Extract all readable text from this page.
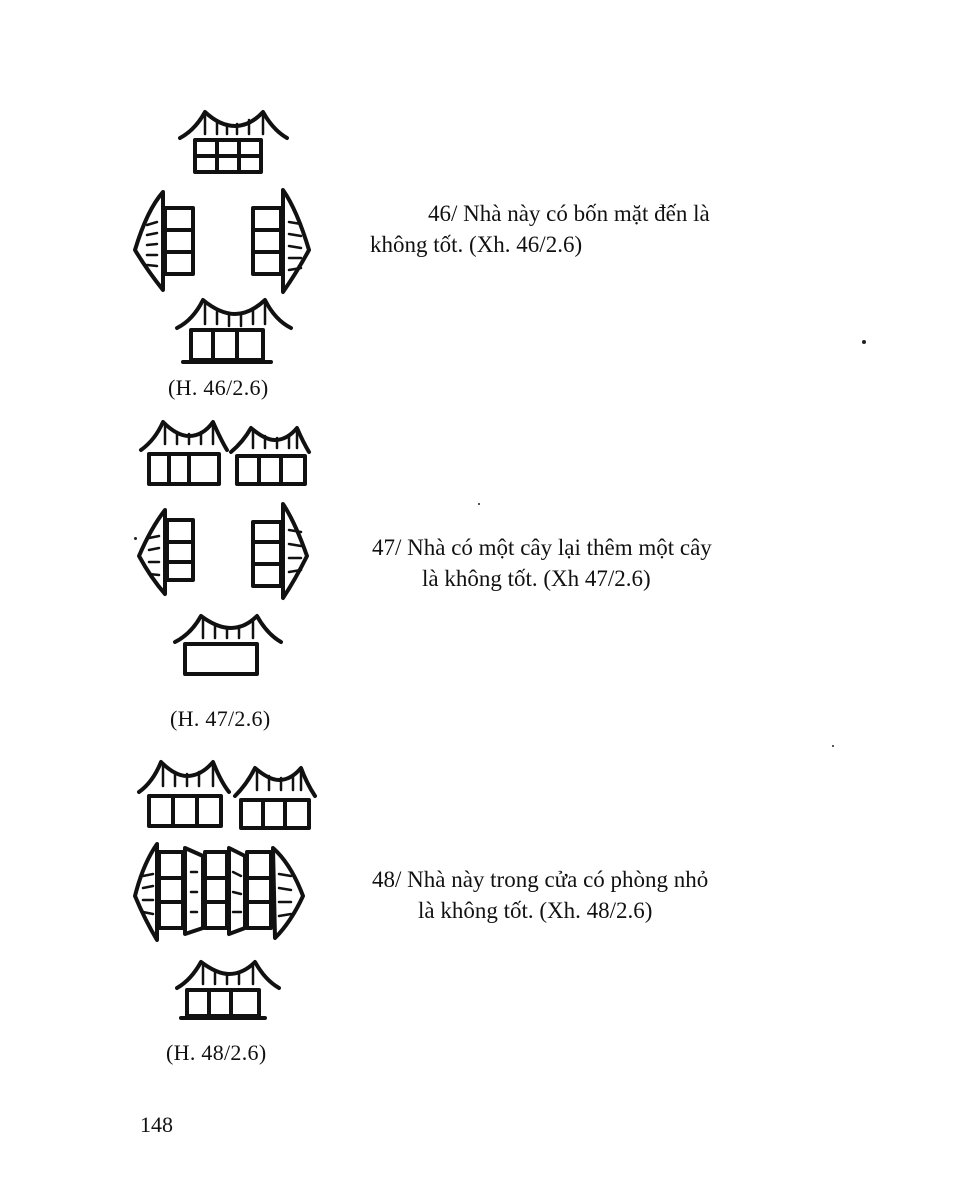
(H. 46/2.6)
46/ Nhà này có bốn mặt đến là
không tốt. (Xh. 46/2.6)
(H. 47/2.6)
47/ Nhà có một cây lại thêm một cây
là không tốt. (Xh 47/2.6)
(H. 48/2.6)
48/ Nhà này trong cửa có phòng nhỏ
là không tốt. (Xh. 48/2.6)
148
